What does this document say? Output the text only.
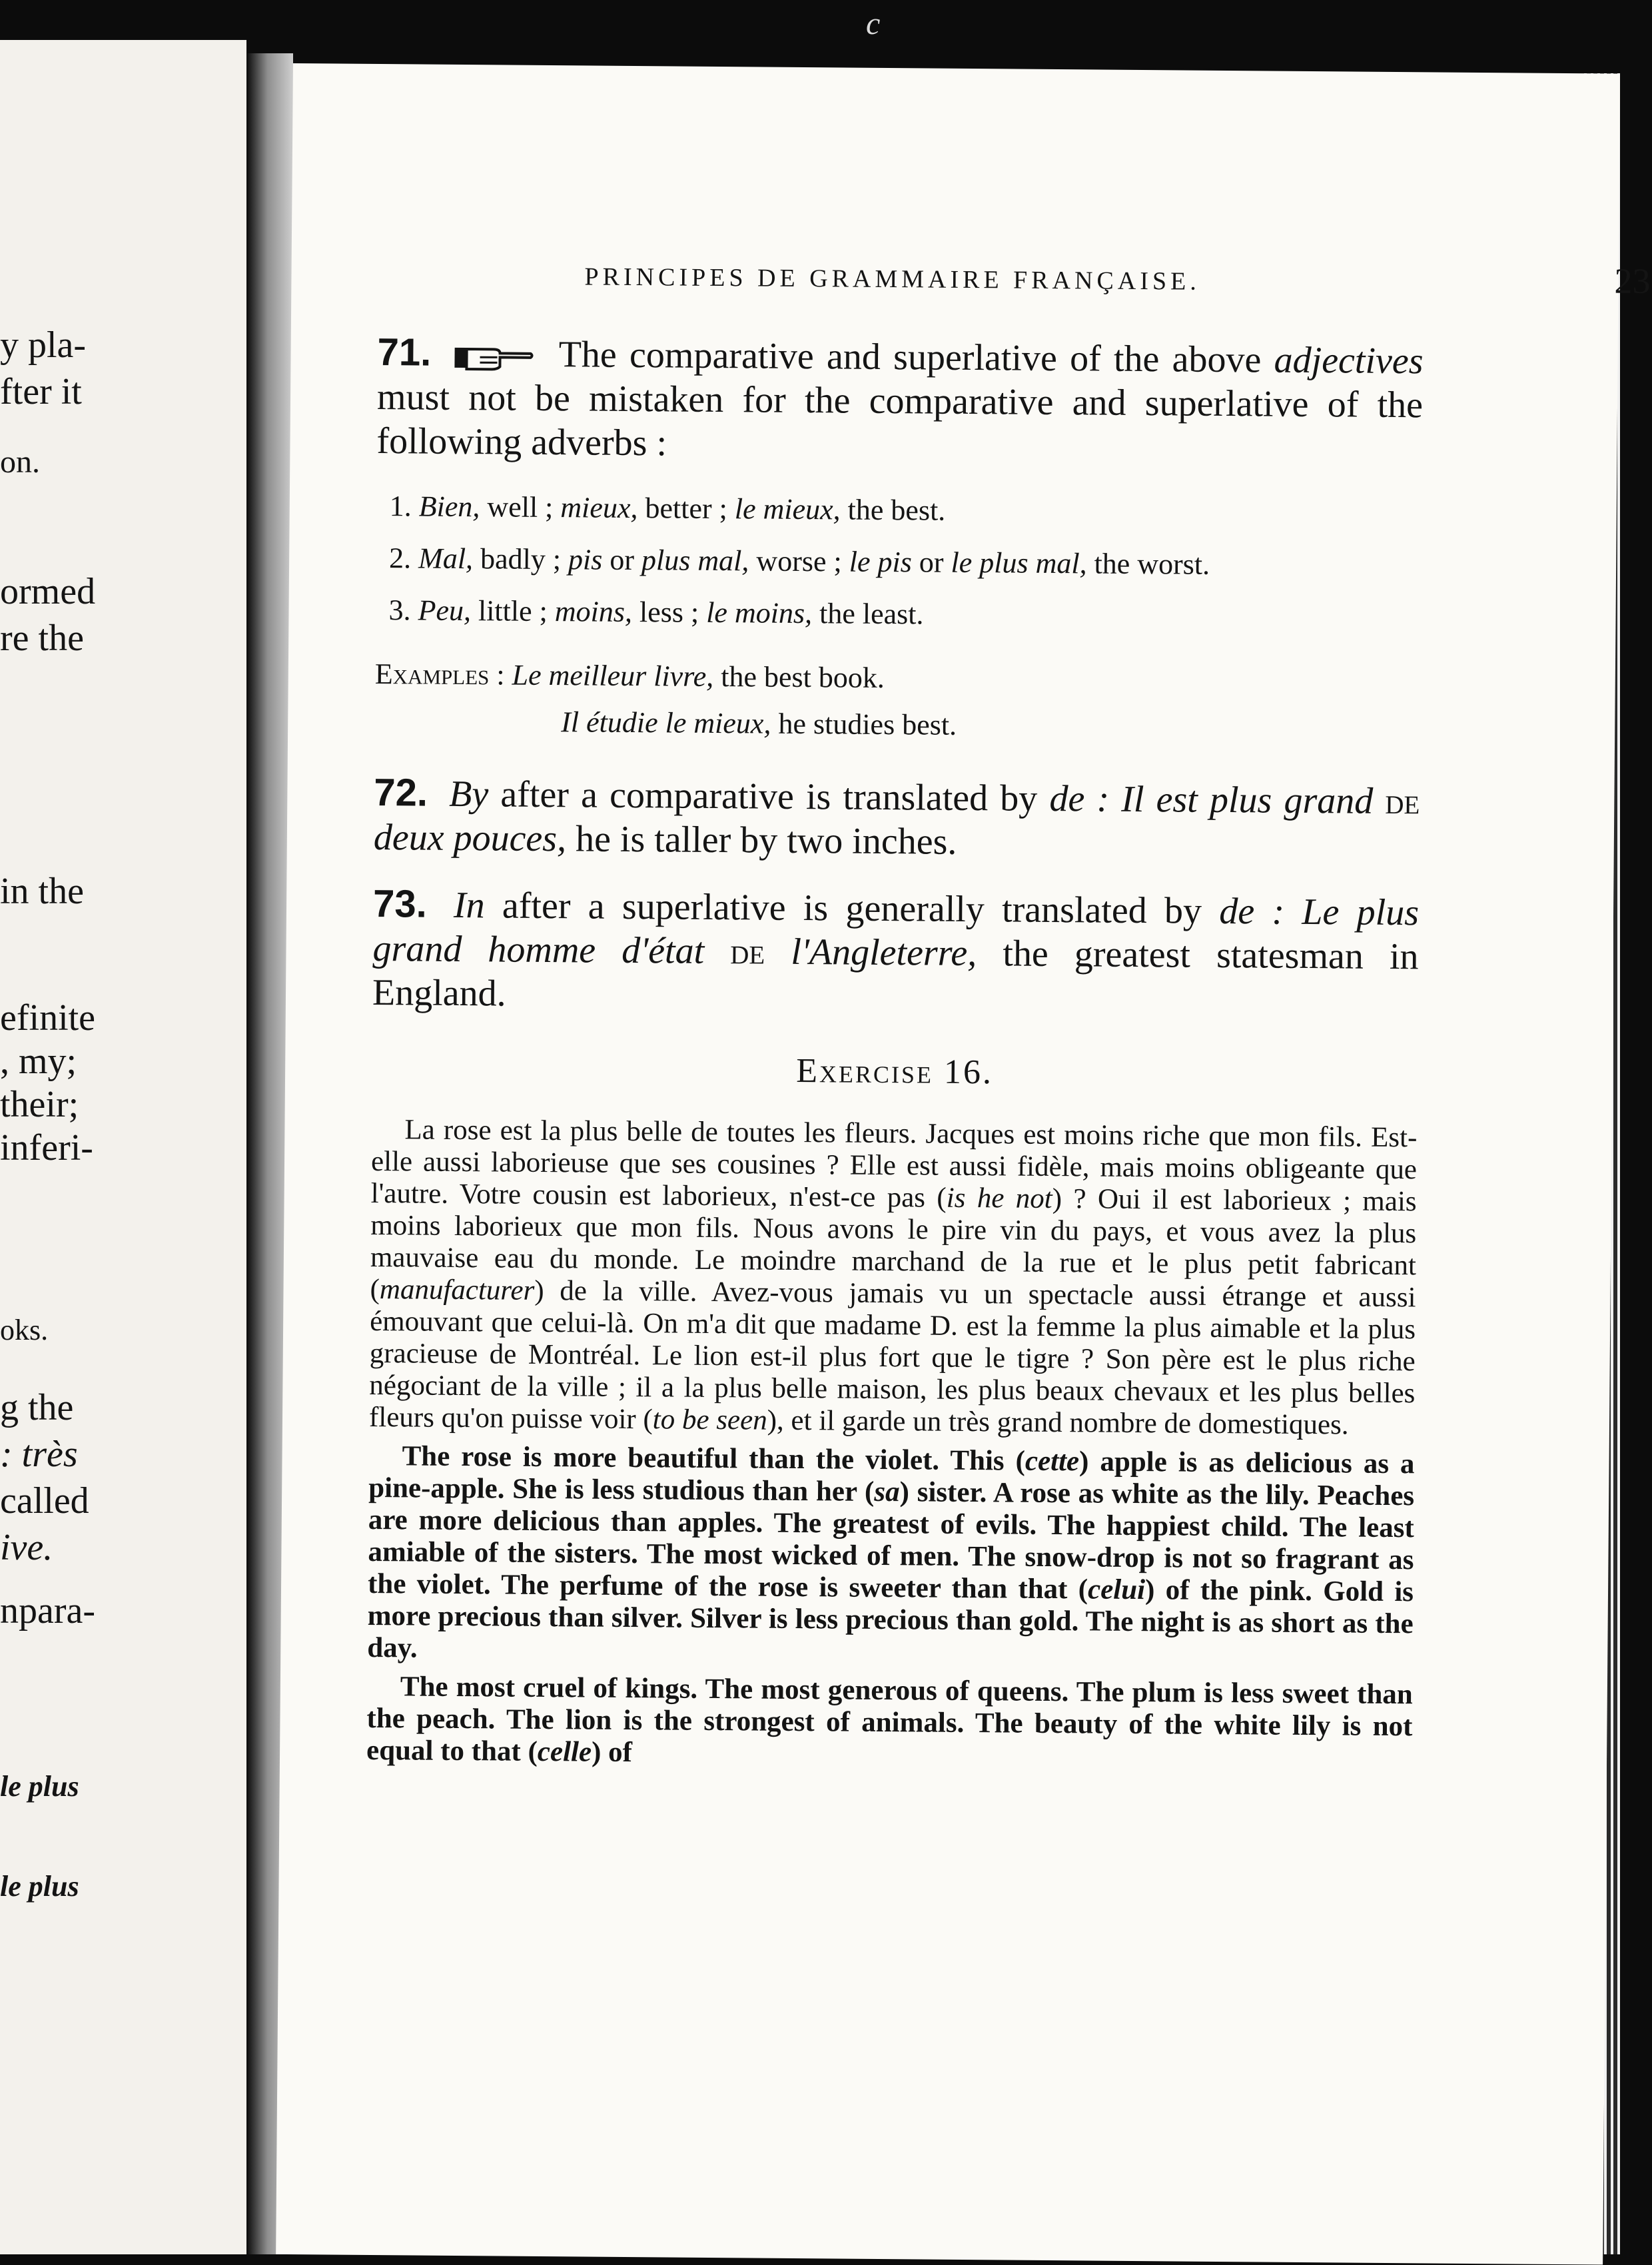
c
y pla-
fter it
on.
ormed
re the
in the
efinite
, my;
their;
inferi-
oks.
g the
: très
called
ive.
npara-
le plus
le plus
PRINCIPES DE GRAMMAIRE FRANÇAISE.	23

71.	The comparative and superlative of the above adjectives must not be mistaken for the comparative and superlative of the following adverbs :

1. Bien, well ; mieux, better ; le mieux, the best.
2. Mal, badly ; pis or plus mal, worse ; le pis or le plus mal, the worst.
3. Peu, little ; moins, less ; le moins, the least.
Examples : Le meilleur livre, the best book.
Il étudie le mieux, he studies best.

72. By after a comparative is translated by de : Il est plus grand de deux pouces, he is taller by two inches.

73. In after a superlative is generally translated by de : Le plus grand homme d'état de l'Angleterre, the greatest statesman in England.

Exercise 16.

La rose est la plus belle de toutes les fleurs. Jacques est moins riche que mon fils. Est-elle aussi laborieuse que ses cousines ? Elle est aussi fidèle, mais moins obligeante que l'autre. Votre cousin est laborieux, n'est-ce pas (is he not) ? Oui il est laborieux ; mais moins laborieux que mon fils. Nous avons le pire vin du pays, et vous avez la plus mauvaise eau du monde. Le moindre marchand de la rue et le plus petit fabricant (manufacturer) de la ville. Avez-vous jamais vu un spectacle aussi étrange et aussi émouvant que celui-là. On m'a dit que madame D. est la femme la plus aimable et la plus gracieuse de Montréal. Le lion est-il plus fort que le tigre ? Son père est le plus riche négociant de la ville ; il a la plus belle maison, les plus beaux chevaux et les plus belles fleurs qu'on puisse voir (to be seen), et il garde un très grand nombre de domestiques.

The rose is more beautiful than the violet. This (cette) apple is as delicious as a pine-apple. She is less studious than her (sa) sister. A rose as white as the lily. Peaches are more delicious than apples. The greatest of evils. The happiest child. The least amiable of the sisters. The most wicked of men. The snow-drop is not so fragrant as the violet. The perfume of the rose is sweeter than that (celui) of the pink. Gold is more precious than silver. Silver is less precious than gold. The night is as short as the day.

The most cruel of kings. The most generous of queens. The plum is less sweet than the peach. The lion is the strongest of animals. The beauty of the white lily is not equal to that (celle) of
